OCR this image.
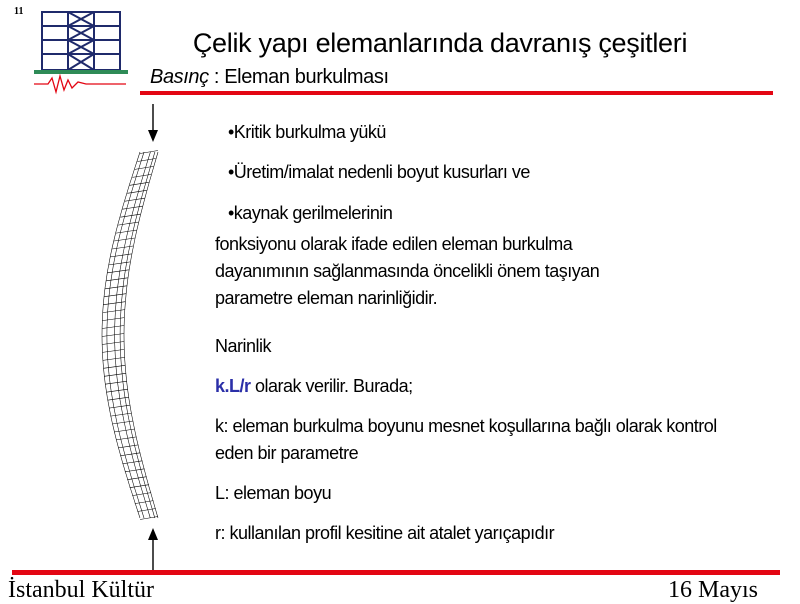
11
Çelik yapı elemanlarında davranış çeşitleri
Basınç : Eleman burkulması
•Kritik burkulma yükü
•Üretim/imalat nedenli boyut kusurları ve
•kaynak gerilmelerinin
fonksiyonu olarak ifade edilen eleman burkulma
dayanımının sağlanmasında öncelikli önem taşıyan
parametre eleman narinliğidir.
Narinlik
k.L/r olarak verilir. Burada;
k: eleman burkulma boyunu mesnet koşullarına bağlı olarak kontrol
eden bir parametre
L: eleman boyu
r: kullanılan profil kesitine ait atalet yarıçapıdır
İstanbul Kültür	16 Mayıs
